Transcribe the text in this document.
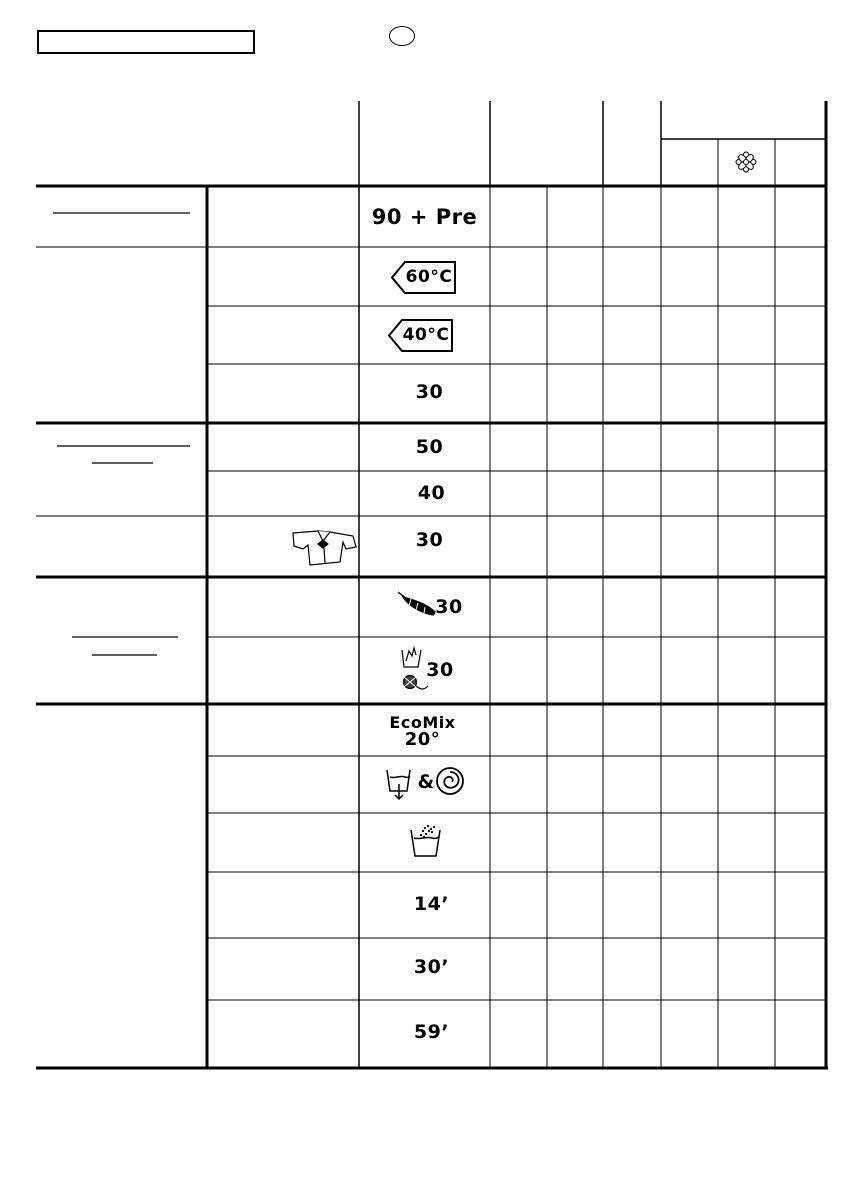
90 + Pre
60°C
40°C
30
50
40
30
30
30
EcoMix
20°
&
14’
30’
59’
